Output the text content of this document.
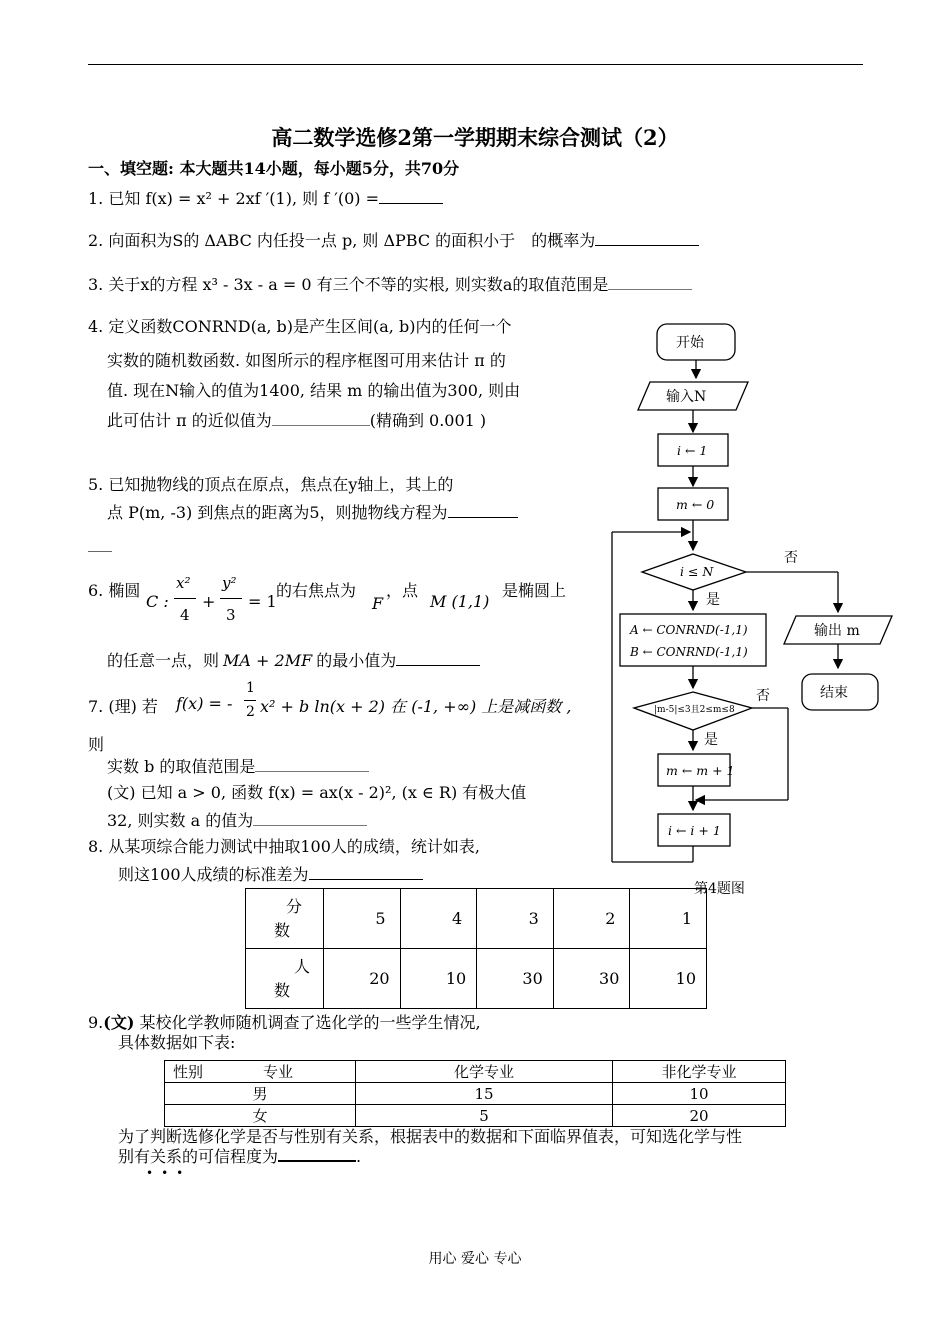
高二数学选修2第一学期期末综合测试（2）
一、填空题: 本大题共14小题，每小题5分，共70分
1. 已知 f(x) = x² + 2xf ′(1), 则 f ′(0) =
2. 向面积为S的 ΔABC 内任投一点 p, 则 ΔPBC 的面积小于 的概率为
3. 关于x的方程 x³ - 3x - a = 0 有三个不等的实根, 则实数a的取值范围是
4. 定义函数CONRND(a, b)是产生区间(a, b)内的任何一个
实数的随机数函数. 如图所示的程序框图可用来估计 π 的
值. 现在N输入的值为1400, 结果 m 的输出值为300, 则由
此可估计 π 的近似值为	(精确到 0.001 )
5. 已知抛物线的顶点在原点，焦点在y轴上，其上的
点 P(m, -3) 到焦点的距离为5，则抛物线方程为
___
6. 椭圆
C :
x²
4
+
y²
3
= 1
的右焦点为
F
，点
M (1,1)
是椭圆上
的任意一点，则 MA + 2MF 的最小值为
7. (理) 若 f(x) = -
1
2 x² + b ln(x + 2) 在 (-1, +∞) 上是减函数 ,
则
实数 b 的取值范围是
(文) 已知 a > 0, 函数 f(x) = ax(x - 2)², (x ∈ R) 有极大值
32, 则实数 a 的值为
8. 从某项综合能力测试中抽取100人的成绩，统计如表,
则这100人成绩的标准差为
分
数	5	4	3	2	1

人
数	20	10	30	30	10
9.(文) 某校化学教师随机调查了选化学的一些学生情况,
具体数据如下表:
性别 专业	化学专业	非化学专业
男	15	10
女	5	20
为了判断选修化学是否与性别有关系，根据表中的数据和下面临界值表，可知选化学与性
别有关系的可信程度为	.
•••
开始
输入N
i ← 1
m ← 0
i ≤ N
否
是
A ← CONRND(-1,1)
B ← CONRND(-1,1)
输出 m
结束
|m-5|≤3且2≤m≤8
否
是
m ← m + 1
i ← i + 1
第4题图
用心 爱心 专心
